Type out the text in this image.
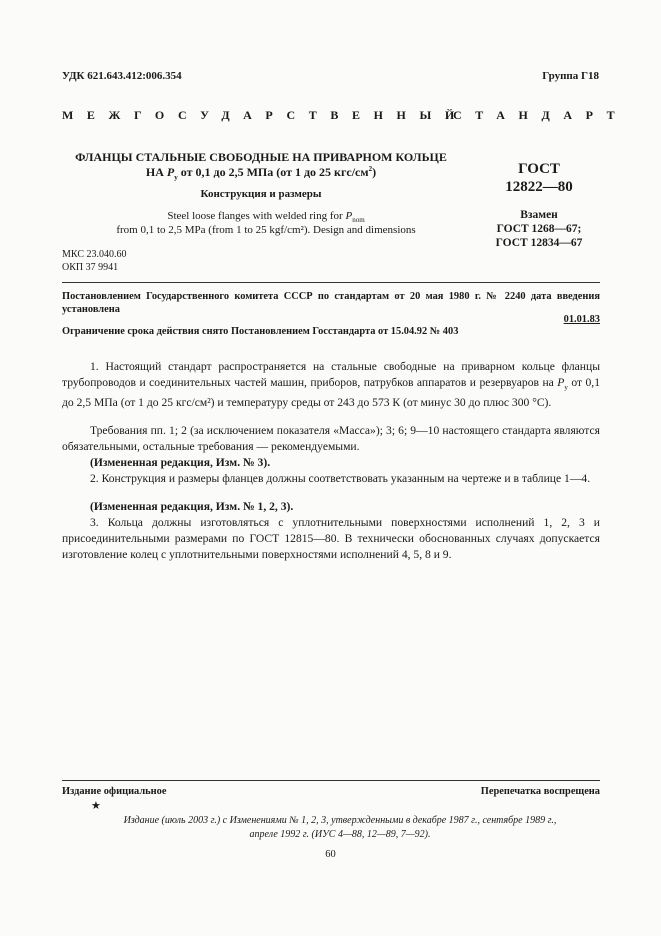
УДК 621.643.412:006.354	Группа Г18
МЕЖГОСУДАРСТВЕННЫЙ
СТАНДАРТ
ФЛАНЦЫ СТАЛЬНЫЕ СВОБОДНЫЕ НА ПРИВАРНОМ КОЛЬЦЕ
НА $P_у$ от 0,1 до 2,5 МПа (от 1 до 25 кгс/$см^2$)
Конструкция и размеры
Steel loose flanges with welded ring for $P_{nom}$
from 0,1 to 2,5 MPa (from 1 to 25 kgf/cm²). Design and dimensions
ГОСТ
12822—80
Взамен
ГОСТ 1268—67;
ГОСТ 12834—67
МКС 23.040.60
ОКП 37 9941
Постановлением Государственного комитета СССР по стандартам от 20 мая 1980 г. № 2240 дата введения установлена
01.01.83
Ограничение срока действия снято Постановлением Госстандарта от 15.04.92 № 403
1. Настоящий стандарт распространяется на стальные свободные на приварном кольце фланцы трубопроводов и соединительных частей машин, приборов, патрубков аппаратов и резервуаров на $P_у$ от 0,1 до 2,5 МПа (от 1 до 25 кгс/см²) и температуру среды от 243 до 573 К (от минус 30 до плюс 300 °С).
Требования пп. 1; 2 (за исключением показателя «Масса»); 3; 6; 9—10 настоящего стандарта являются обязательными, остальные требования — рекомендуемыми.
(Измененная редакция, Изм. № 3).
2. Конструкция и размеры фланцев должны соответствовать указанным на чертеже и в таблице 1—4.
(Измененная редакция, Изм. № 1, 2, 3).
3. Кольца должны изготовляться с уплотнительными поверхностями исполнений 1, 2, 3 и присоединительными размерами по ГОСТ 12815—80. В технически обоснованных случаях допускается изготовление колец с уплотнительными поверхностями исполнений 4, 5, 8 и 9.
Издание официальное	Перепечатка воспрещена
★
Издание (июль 2003 г.) с Изменениями № 1, 2, 3, утвержденными в декабре 1987 г., сентябре 1989 г.,
апреле 1992 г. (ИУС 4—88, 12—89, 7—92).
60
